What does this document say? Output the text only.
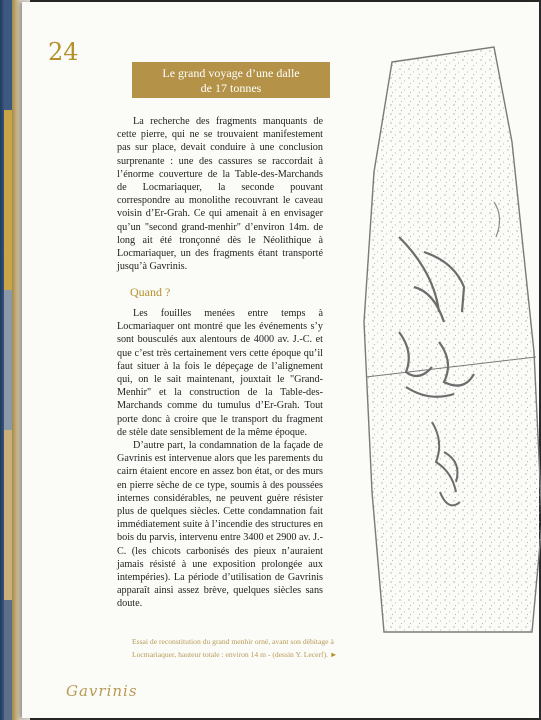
24
Le grand voyage d’une dalle
de 17 tonnes

La recherche des fragments manquants de cette pierre, qui ne se trouvaient manifestement pas sur place, devait conduire à une conclusion surprenante : une des cassures se raccordait à l’énorme couverture de la Table-des-Marchands de Locmariaquer, la seconde pouvant correspondre au monolithe recouvrant le caveau voisin d’Er-Grah. Ce qui amenait à en envisager qu’un "second grand-menhir" d’environ 14m. de long ait été tronçonné dès le Néolithique à Locmariaquer, un des fragments étant transporté jusqu’à Gavrinis.

Quand ?

Les fouilles menées entre temps à Locmariaquer ont montré que les événements s’y sont bousculés aux alentours de 4000 av. J.-C. et que c’est très certainement vers cette époque qu’il faut situer à la fois le dépeçage de l’alignement qui, on le sait maintenant, jouxtait le "Grand-Menhir" et la construction de la Table-des-Marchands comme du tumulus d’Er-Grah. Tout porte donc à croire que le transport du fragment de stèle date sensiblement de la même époque.

D’autre part, la condamnation de la façade de Gavrinis est intervenue alors que les parements du cairn étaient encore en assez bon état, or des murs en pierre sèche de ce type, soumis à des poussées internes considérables, ne peuvent guère résister plus de quelques siècles. Cette condamnation fait immédiatement suite à l’incendie des structures en bois du parvis, intervenu entre 3400 et 2900 av. J.-C. (les chicots carbonisés des pieux n’auraient jamais résisté à une exposition prolongée aux intempéries). La période d’utilisation de Gavrinis apparaît ainsi assez brève, quelques siècles sans doute.

Essai de reconstitution du grand menhir orné, avant son débitage à Locmariaquer, hauteur totale : environ 14 m - (dessin Y. Lecerf). ►
Gavrinis
